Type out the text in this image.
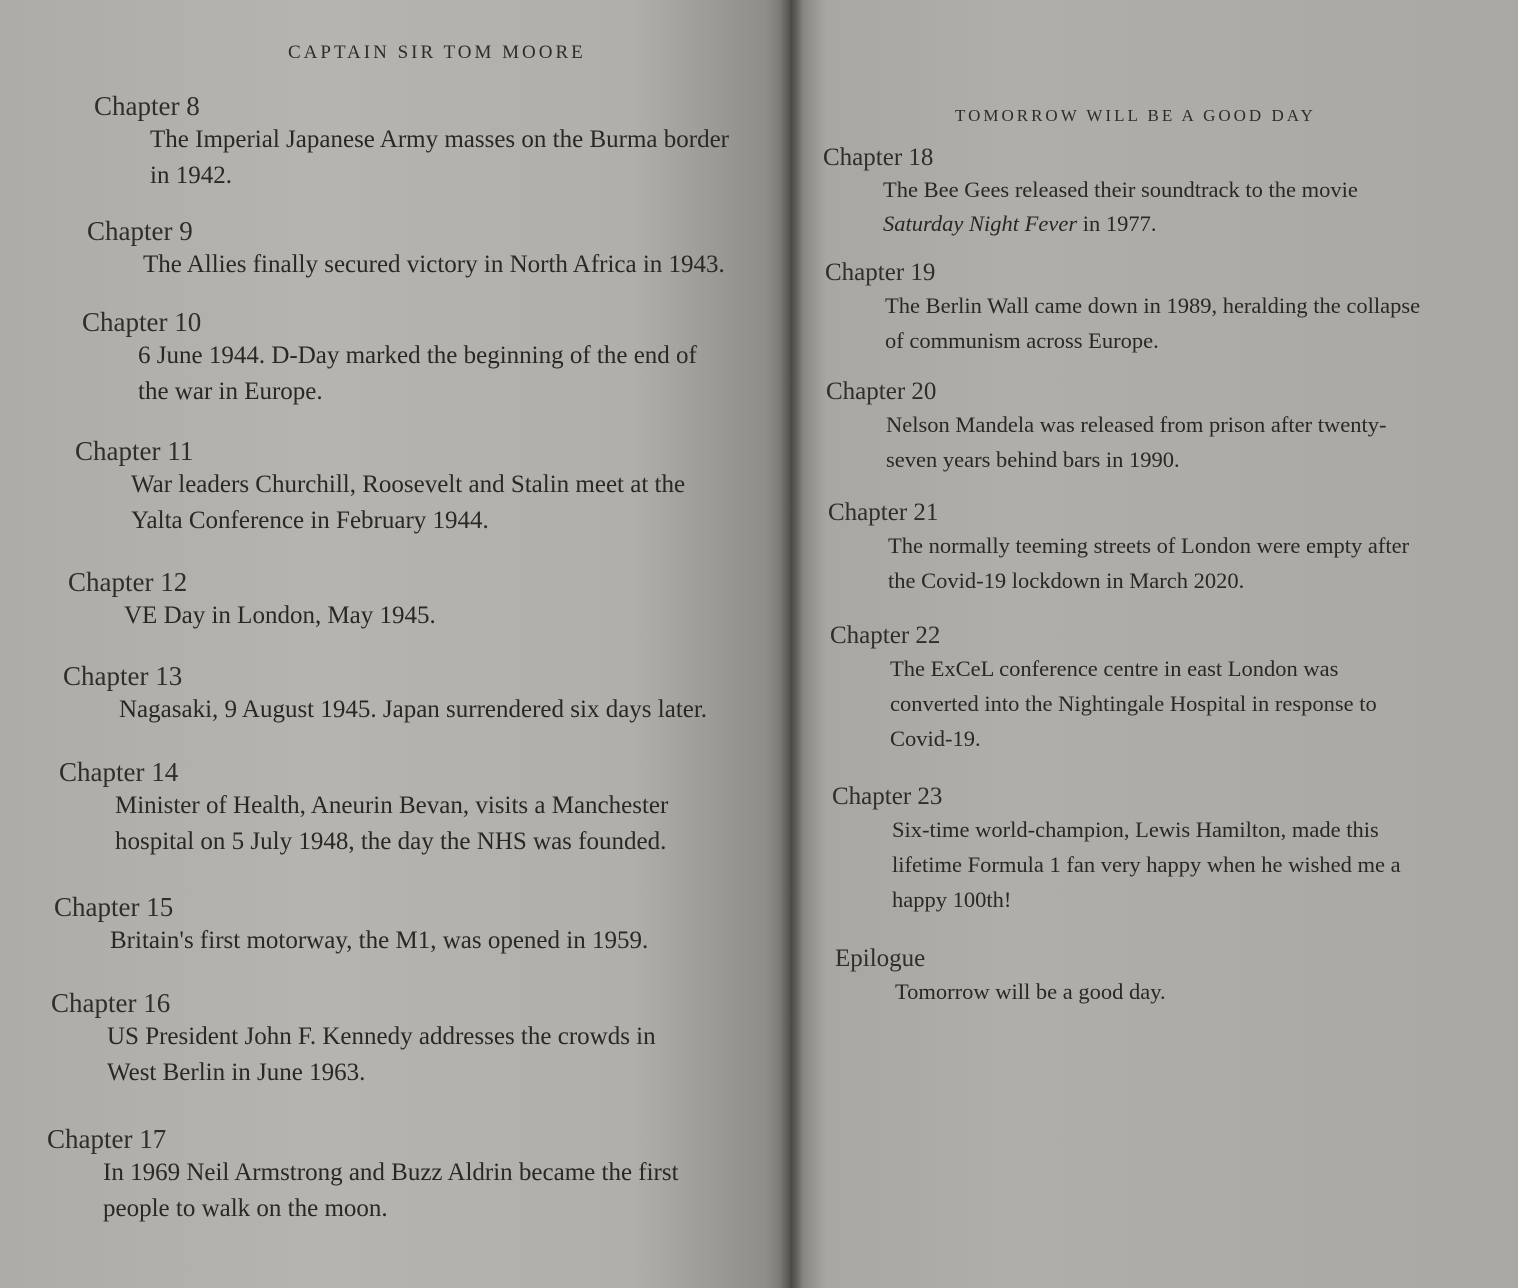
CAPTAIN SIR TOM MOORE
Chapter 8
The Imperial Japanese Army masses on the Burma border
in 1942.
Chapter 9
The Allies finally secured victory in North Africa in 1943.
Chapter 10
6 June 1944. D-Day marked the beginning of the end of
the war in Europe.
Chapter 11
War leaders Churchill, Roosevelt and Stalin meet at the
Yalta Conference in February 1944.
Chapter 12
VE Day in London, May 1945.
Chapter 13
Nagasaki, 9 August 1945. Japan surrendered six days later.
Chapter 14
Minister of Health, Aneurin Bevan, visits a Manchester
hospital on 5 July 1948, the day the NHS was founded.
Chapter 15
Britain's first motorway, the M1, was opened in 1959.
Chapter 16
US President John F. Kennedy addresses the crowds in
West Berlin in June 1963.
Chapter 17
In 1969 Neil Armstrong and Buzz Aldrin became the first
people to walk on the moon.
TOMORROW WILL BE A GOOD DAY
Chapter 18
The Bee Gees released their soundtrack to the movie
Saturday Night Fever in 1977.
Chapter 19
The Berlin Wall came down in 1989, heralding the collapse
of communism across Europe.
Chapter 20
Nelson Mandela was released from prison after twenty-
seven years behind bars in 1990.
Chapter 21
The normally teeming streets of London were empty after
the Covid-19 lockdown in March 2020.
Chapter 22
The ExCeL conference centre in east London was
converted into the Nightingale Hospital in response to
Covid-19.
Chapter 23
Six-time world-champion, Lewis Hamilton, made this
lifetime Formula 1 fan very happy when he wished me a
happy 100th!
Epilogue
Tomorrow will be a good day.
